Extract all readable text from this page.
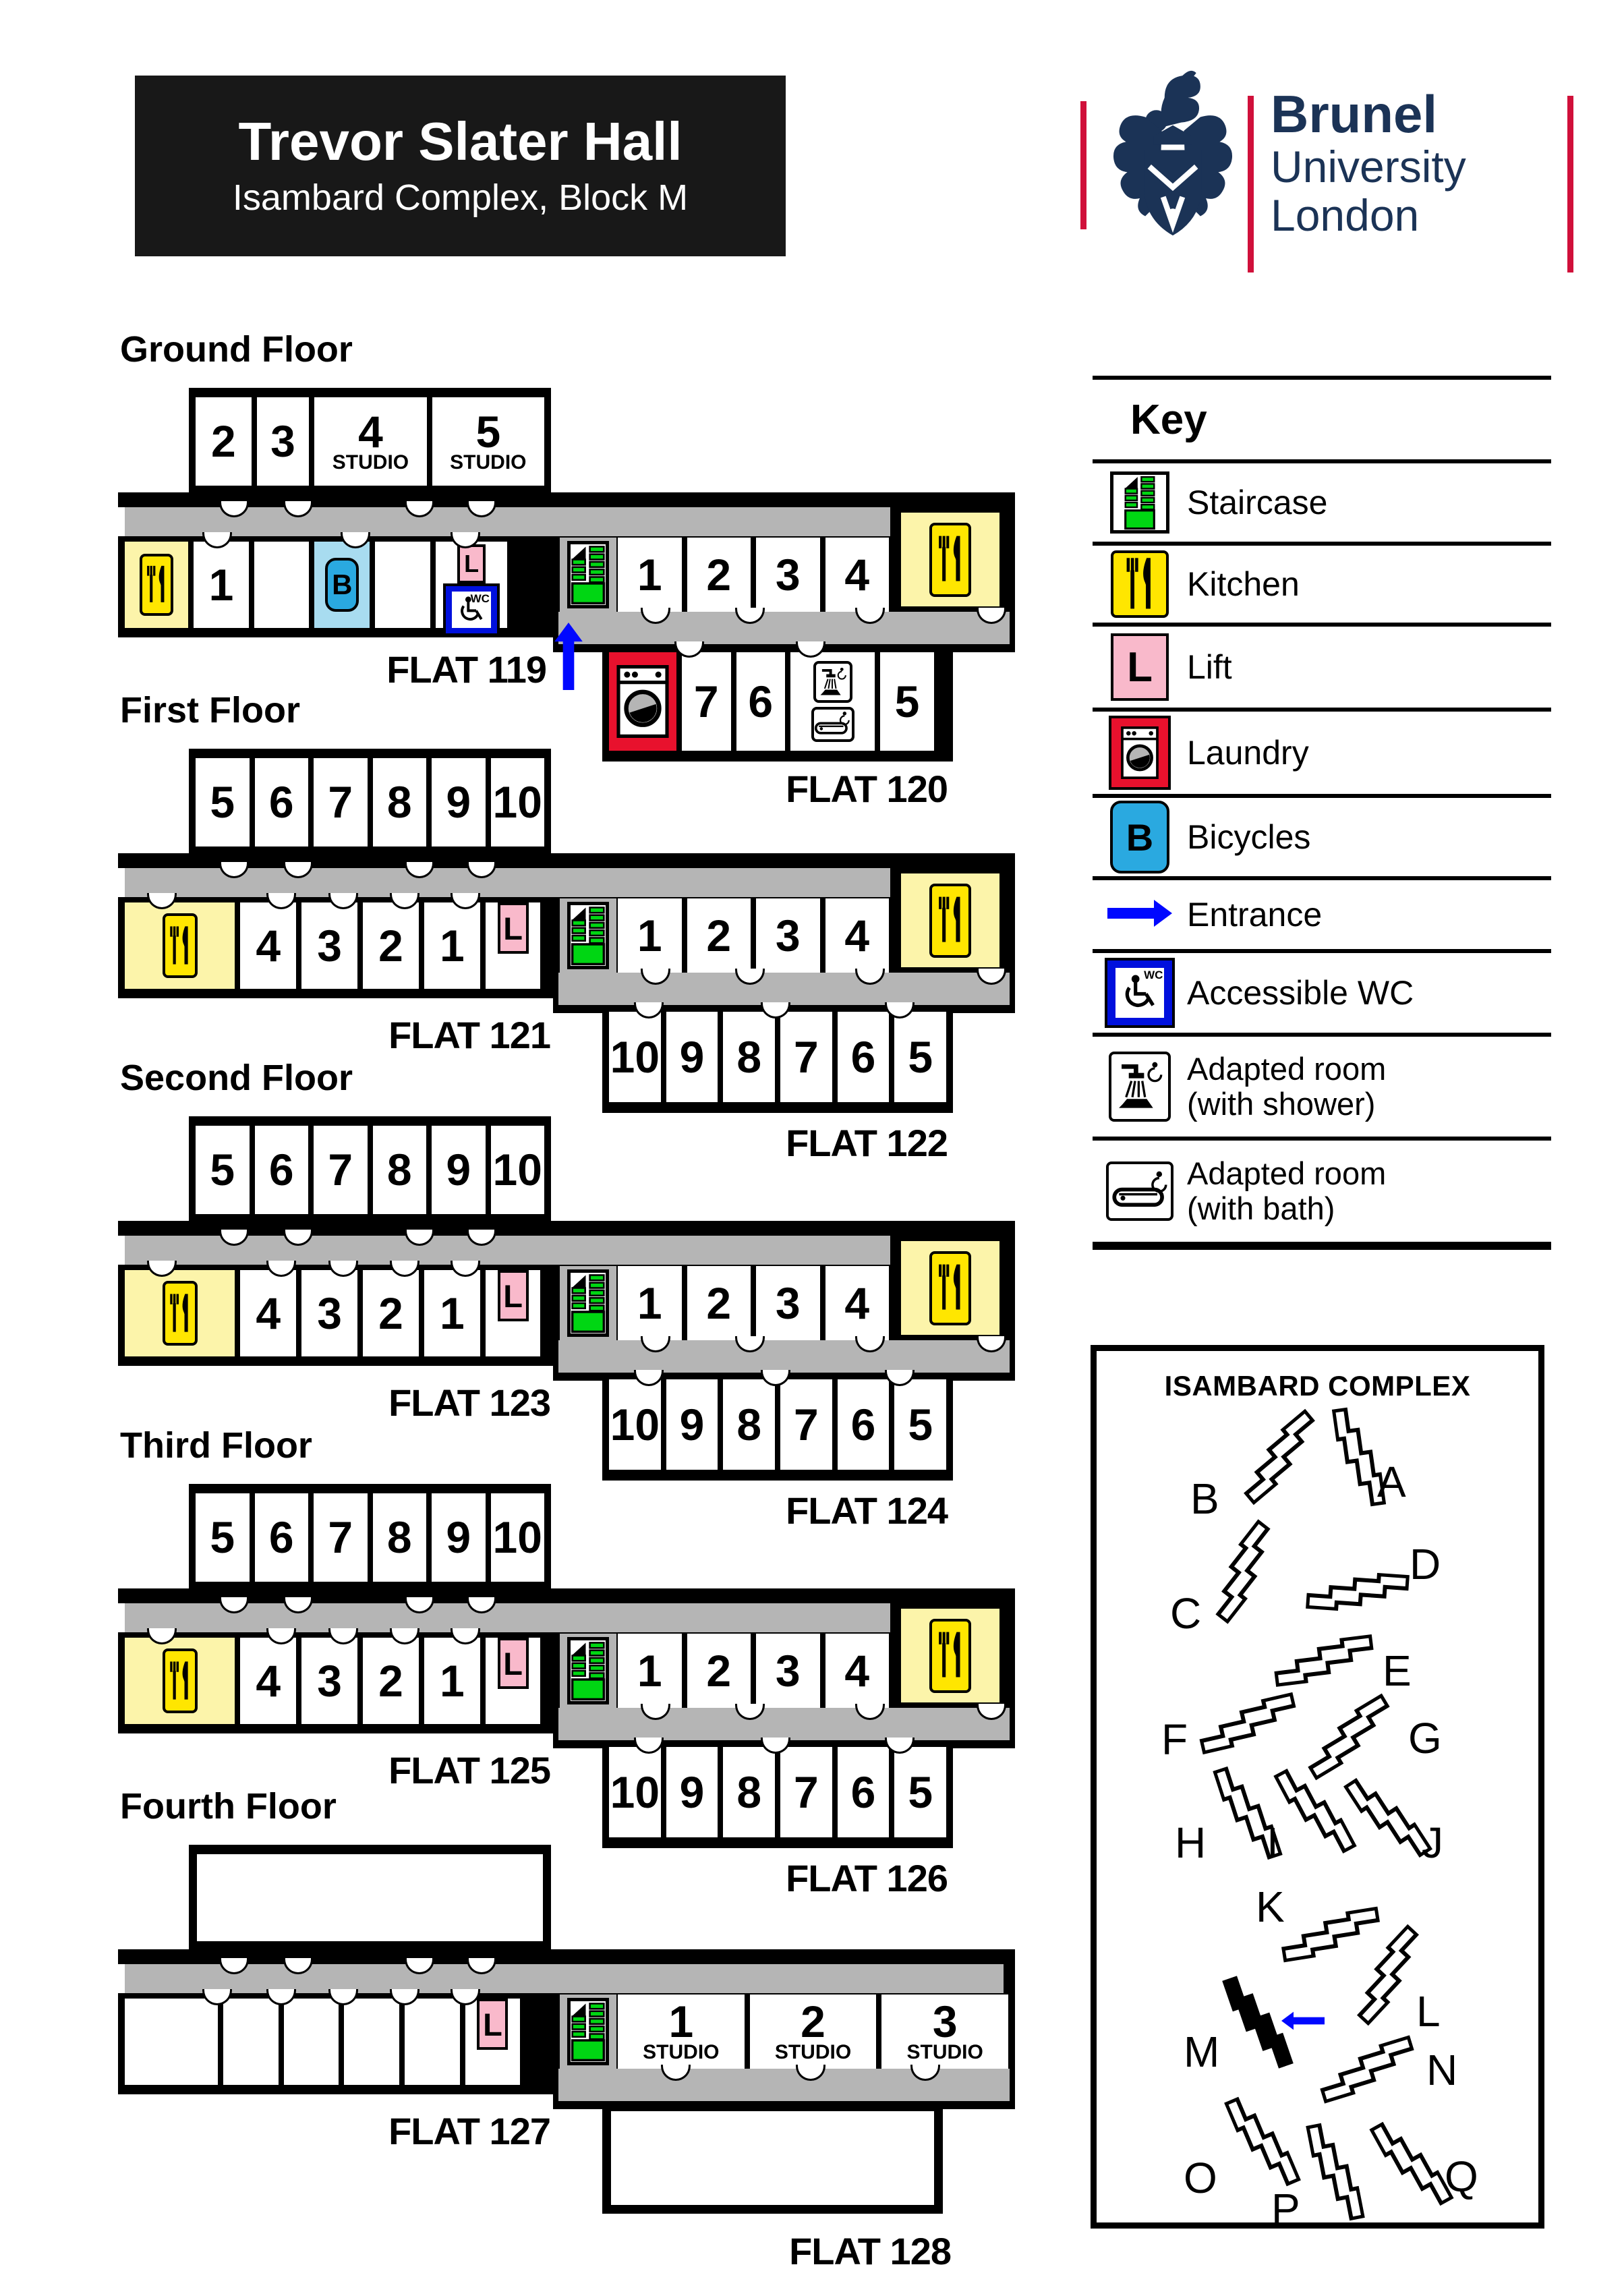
Trevor Slater Hall
Isambard Complex, Block M
Brunel
University
London
Key
Staircase
Kitchen
L	Lift
Laundry
B Bicycles
Entrance
WC Accessible WC
Adapted room
(with shower)
Adapted room
(with bath)
Ground Floor
2 3 4
STUDIO
5
STUDIO
1	B
L
WC
FLAT 119
1 2 3 4
7 6	5
FLAT 120
First Floor
5 6 7 8 9 10
4 3 2 1 L
FLAT 121
1 2 3 4
10 9 8 7 6 5
FLAT 122
Second Floor
5 6 7 8 9 10
4 3 2 1 L
FLAT 123
1 2 3 4
10 9 8 7 6 5
FLAT 124
Third Floor
5 6 7 8 9 10
4 3 2 1 L
FLAT 125
1 2 3 4
10 9 8 7 6 5
FLAT 126
Fourth Floor
L
FLAT 127
1
STUDIO
2
STUDIO
3
STUDIO
FLAT 128
ISAMBARD COMPLEX
A
B
C
D
E
F	G
H I	J
K
L
M	N
O
P
Q
